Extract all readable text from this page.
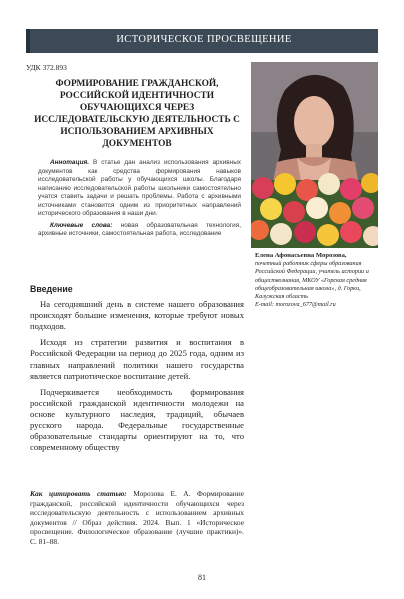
ИСТОРИЧЕСКОЕ ПРОСВЕЩЕНИЕ
УДК 372.893
ФОРМИРОВАНИЕ ГРАЖДАНСКОЙ, РОССИЙСКОЙ ИДЕНТИЧНОСТИ ОБУЧАЮЩИХСЯ ЧЕРЕЗ ИССЛЕДОВАТЕЛЬСКУЮ ДЕЯТЕЛЬНОСТЬ С ИСПОЛЬЗОВАНИЕМ АРХИВНЫХ ДОКУМЕНТОВ

Аннотация. В статье дан анализ использования архивных документов как средства формирования навыков исследовательской работы у обучающихся школы. Благодаря написанию исследовательской работы школьники самостоятельно учатся ставить задачи и решать проблемы. Работа с архивными источниками становится одним из приоритетных направлений исторического образования в наши дни.

Ключевые слова: новая образовательная технология, архивные источники, самостоятельная работа, исследование

Елена Афонасьевна Морозова,
почетный работник сферы образования Российской Федерации, учитель истории и обществознания, МКОУ «Горская средняя общеобразовательная школа», д. Горки, Калужская область
E-mail: morozova_677@mail.ru
Введение

На сегодняшний день в системе нашего образования происходят большие изменения, которые требуют новых подходов.

Исходя из стратегии развития и воспитания в Российской Федерации на период до 2025 года, одним из главных направлений политики нашего государства является патриотическое воспитание детей.

Подчеркивается необходимость формирования российской гражданской идентичности молодежи на основе культурного наследия, традиций, обычаев русского народа. Федеральные государственные образовательные стандарты ориентируют на то, что современному обществу

Как цитировать статью: Морозова Е. А. Формирование гражданской, российской идентичности обучающихся через исследовательскую деятельность с использованием архивных документов // Образ действия. 2024. Вып. 1 «Историческое просвещение. Филологическое образование (лучшие практики)». С. 81–88.
81
